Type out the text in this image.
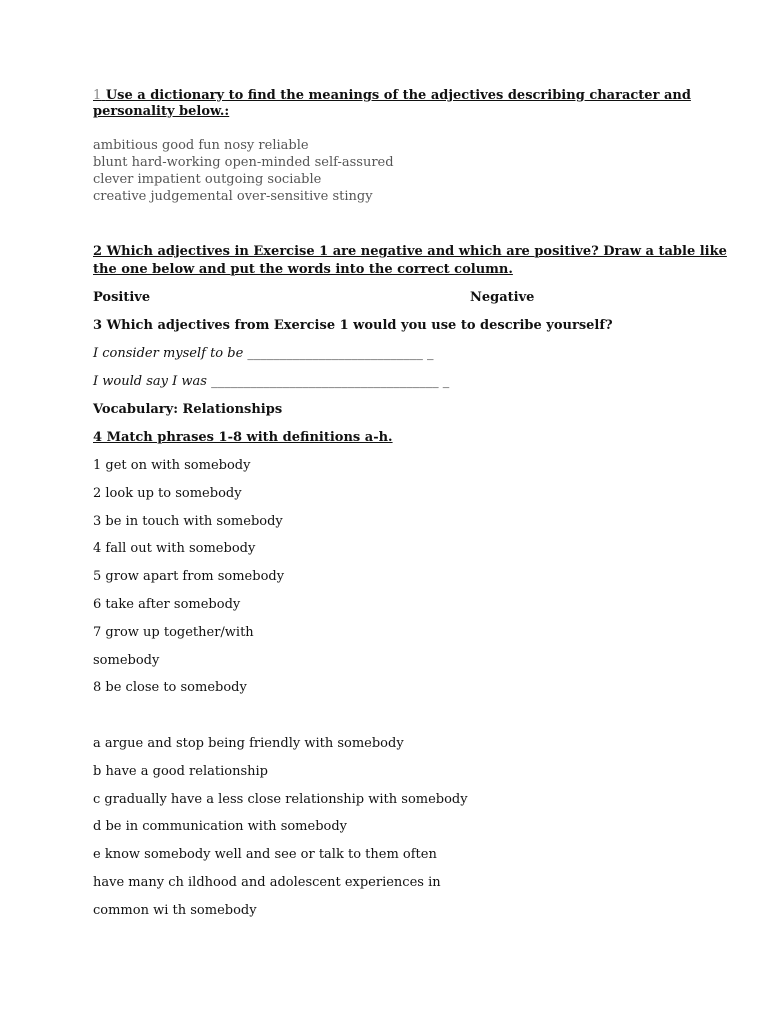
1 Use a dictionary to find the meanings of the adjectives describing character and
personality below.:
ambitious good fun nosy reliable
blunt hard-working open-minded self-assured
clever impatient outgoing sociable
creative judgemental over-sensitive stingy
2 Which adjectives in Exercise 1 are negative and which are positive? Draw a table like
the one below and put the words into the correct column.
Positive	Negative
3 Which adjectives from Exercise 1 would you use to describe yourself?
I consider myself to be ___________________________ _
I would say I was ___________________________________ _
Vocabulary: Relationships
4 Match phrases 1-8 with definitions a-h.
1 get on with somebody
2 look up to somebody
3 be in touch with somebody
4 fall out with somebody
5 grow apart from somebody
6 take after somebody
7 grow up together/with
somebody
8 be close to somebody
a argue and stop being friendly with somebody
b have a good relationship
c gradually have a less close relationship with somebody
d be in communication with somebody
e know somebody well and see or talk to them often
have many ch ildhood and adolescent experiences in
common wi th somebody
